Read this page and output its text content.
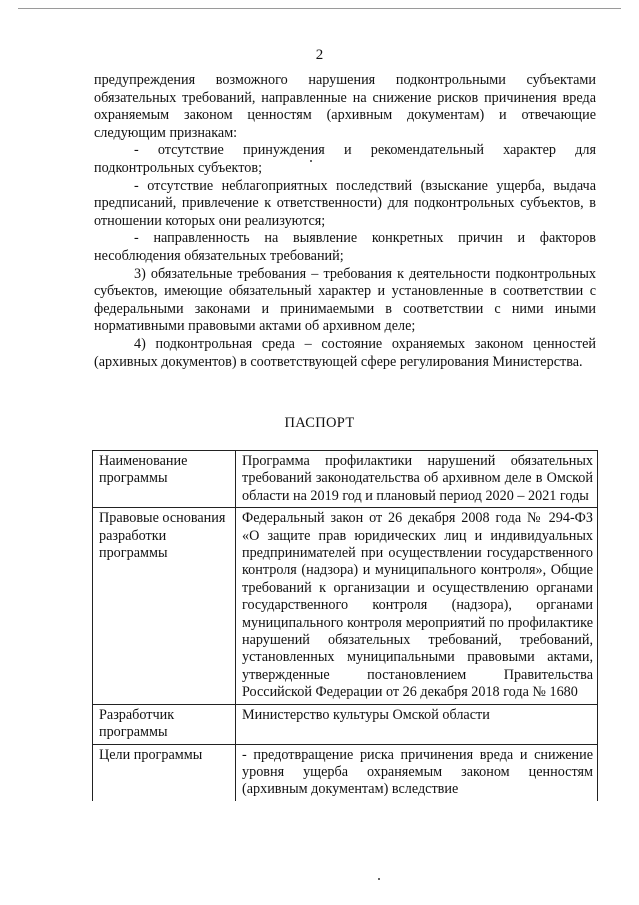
2

предупреждения возможного нарушения подконтрольными субъектами обязательных требований, направленные на снижение рисков причинения вреда охраняемым законом ценностям (архивным документам) и отвечающие следующим признакам:

- отсутствие принуждения и рекомендательный характер для подконтрольных субъектов;

- отсутствие неблагоприятных последствий (взыскание ущерба, выдача предписаний, привлечение к ответственности) для подконтрольных субъектов, в отношении которых они реализуются;

- направленность на выявление конкретных причин и факторов несоблюдения обязательных требований;

3) обязательные требования – требования к деятельности подконтрольных субъектов, имеющие обязательный характер и установленные в соответствии с федеральными законами и принимаемыми в соответствии с ними иными нормативными правовыми актами об архивном деле;

4) подконтрольная среда – состояние охраняемых законом ценностей (архивных документов) в соответствующей сфере регулирования Министерства.

ПАСПОРТ
Наименование программы	Программа профилактики нарушений обязательных требований законодательства об архивном деле в Омской области на 2019 год и плановый период 2020 – 2021 годы
Правовые основания разработки программы	Федеральный закон от 26 декабря 2008 года № 294-ФЗ «О защите прав юридических лиц и индивидуальных предпринимателей при осуществлении государственного контроля (надзора) и муниципального контроля», Общие требований к организации и осуществлению органами государственного контроля (надзора), органами муниципального контроля мероприятий по профилактике нарушений обязательных требований, требований, установленных муниципальными правовыми актами, утвержденные постановлением Правительства Российской Федерации от 26 декабря 2018 года № 1680
Разработчик программы	Министерство культуры Омской области
Цели программы	- предотвращение риска причинения вреда и снижение уровня ущерба охраняемым законом ценностям (архивным документам) вследствие
